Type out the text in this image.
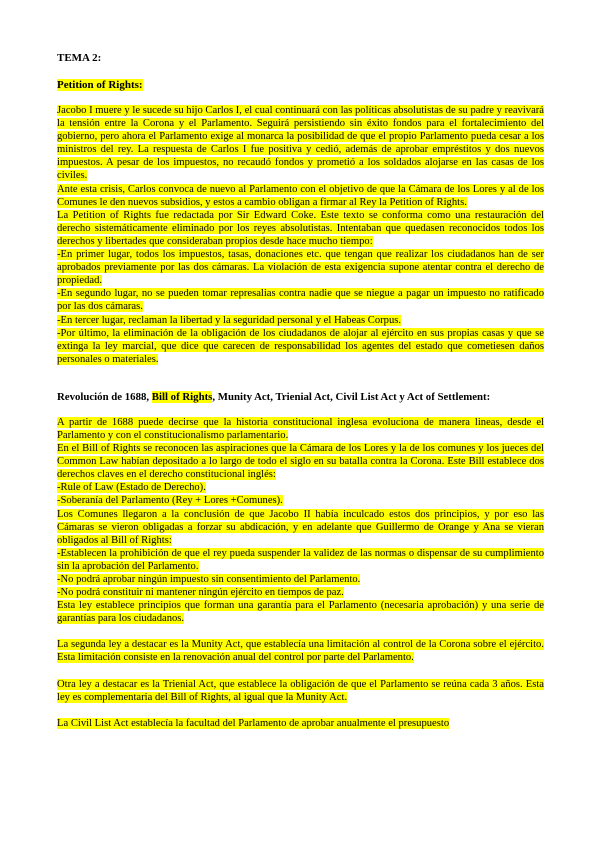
TEMA 2:

Petition of Rights:

Jacobo I muere y le sucede su hijo Carlos I, el cual continuará con las políticas absolutistas de su padre y reavivará la tensión entre la Corona y el Parlamento. Seguirá persistiendo sin éxito fondos para el fortalecimiento del gobierno, pero ahora el Parlamento exige al monarca la posibilidad de que el propio Parlamento pueda cesar a los ministros del rey. La respuesta de Carlos I fue positiva y cedió, además de aprobar empréstitos y dos nuevos impuestos. A pesar de los impuestos, no recaudó fondos y prometió a los soldados alojarse en las casas de los civiles.

Ante esta crisis, Carlos convoca de nuevo al Parlamento con el objetivo de que la Cámara de los Lores y al de los Comunes le den nuevos subsidios, y estos a cambio obligan a firmar al Rey la Petition of Rights.

La Petition of Rights fue redactada por Sir Edward Coke. Este texto se conforma como una restauración del derecho sistemáticamente eliminado por los reyes absolutistas. Intentaban que quedasen reconocidos todos los derechos y libertades que consideraban propios desde hace mucho tiempo:

-En primer lugar, todos los impuestos, tasas, donaciones etc. que tengan que realizar los ciudadanos han de ser aprobados previamente por las dos cámaras. La violación de esta exigencia supone atentar contra el derecho de propiedad.

-En segundo lugar, no se pueden tomar represalias contra nadie que se niegue a pagar un impuesto no ratificado por las dos cámaras.

-En tercer lugar, reclaman la libertad y la seguridad personal y el Habeas Corpus.

-Por último, la eliminación de la obligación de los ciudadanos de alojar al ejército en sus propias casas y que se extinga la ley marcial, que dice que carecen de responsabilidad los agentes del estado que cometiesen daños personales o materiales.

Revolución de 1688, Bill of Rights, Munity Act, Trienial Act, Civil List Act y Act of Settlement:

A partir de 1688 puede decirse que la historia constitucional inglesa evoluciona de manera lineas, desde el Parlamento y con el constitucionalismo parlamentario.

En el Bill of Rights se reconocen las aspiraciones que la Cámara de los Lores y la de los comunes y los jueces del Common Law habían depositado a lo largo de todo el siglo en su batalla contra la Corona. Este Bill establece dos derechos claves en el derecho constitucional inglés:

-Rule of Law (Estado de Derecho).

-Soberanía del Parlamento (Rey + Lores +Comunes).

Los Comunes llegaron a la conclusión de que Jacobo II había inculcado estos dos principios, y por eso las Cámaras se vieron obligadas a forzar su abdicación, y en adelante que Guillermo de Orange y Ana se vieran obligados al Bill of Rights:

-Establecen la prohibición de que el rey pueda suspender la validez de las normas o dispensar de su cumplimiento sin la aprobación del Parlamento.

-No podrá aprobar ningún impuesto sin consentimiento del Parlamento.

-No podrá constituir ni mantener ningún ejército en tiempos de paz.

Esta ley establece principios que forman una garantía para el Parlamento (necesaria aprobación) y una serie de garantías para los ciudadanos.

La segunda ley a destacar es la Munity Act, que establecía una limitación al control de la Corona sobre el ejército. Esta limitación consiste en la renovación anual del control por parte del Parlamento.

Otra ley a destacar es la Trienial Act, que establece la obligación de que el Parlamento se reúna cada 3 años. Esta ley es complementaria del Bill of Rights, al igual que la Munity Act.

La Civil List Act establecía la facultad del Parlamento de aprobar anualmente el presupuesto
